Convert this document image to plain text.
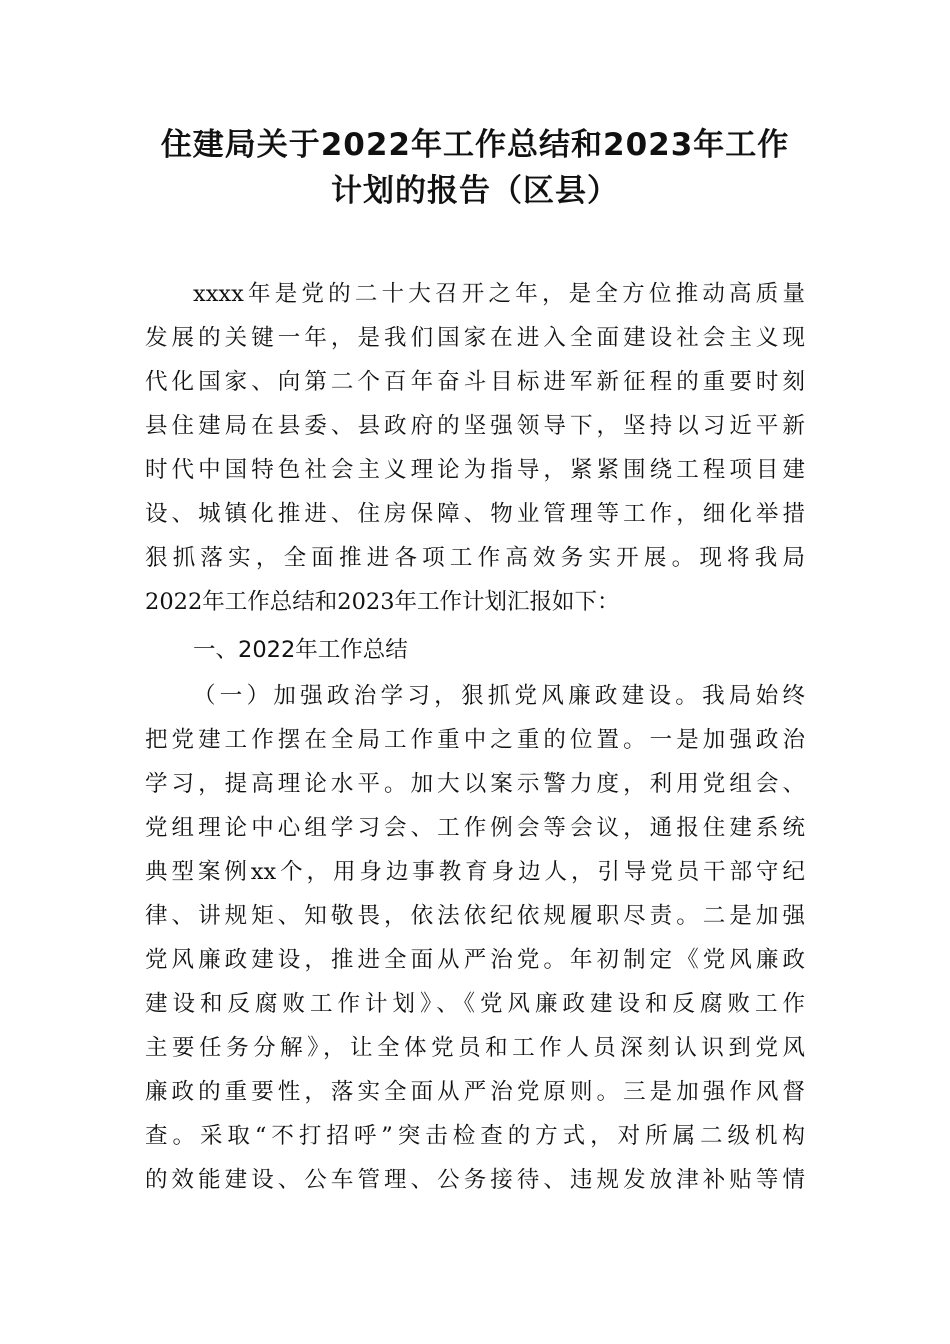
住建局关于2022年工作总结和2023年工作
计划的报告（区县）
xxxx年是党的二十大召开之年，是全方位推动高质量
发展的关键一年，是我们国家在进入全面建设社会主义现
代化国家、向第二个百年奋斗目标进军新征程的重要时刻
县住建局在县委、县政府的坚强领导下，坚持以习近平新
时代中国特色社会主义理论为指导，紧紧围绕工程项目建
设、城镇化推进、住房保障、物业管理等工作，细化举措
狠抓落实，全面推进各项工作高效务实开展。现将我局
2022年工作总结和2023年工作计划汇报如下：
一、2022年工作总结
（一）加强政治学习，狠抓党风廉政建设。我局始终
把党建工作摆在全局工作重中之重的位置。一是加强政治
学习，提高理论水平。加大以案示警力度，利用党组会、
党组理论中心组学习会、工作例会等会议，通报住建系统
典型案例xx个，用身边事教育身边人，引导党员干部守纪
律、讲规矩、知敬畏，依法依纪依规履职尽责。二是加强
党风廉政建设，推进全面从严治党。年初制定《党风廉政
建设和反腐败工作计划》、《党风廉政建设和反腐败工作
主要任务分解》，让全体党员和工作人员深刻认识到党风
廉政的重要性，落实全面从严治党原则。三是加强作风督
查。采取“不打招呼”突击检查的方式，对所属二级机构
的效能建设、公车管理、公务接待、违规发放津补贴等情
